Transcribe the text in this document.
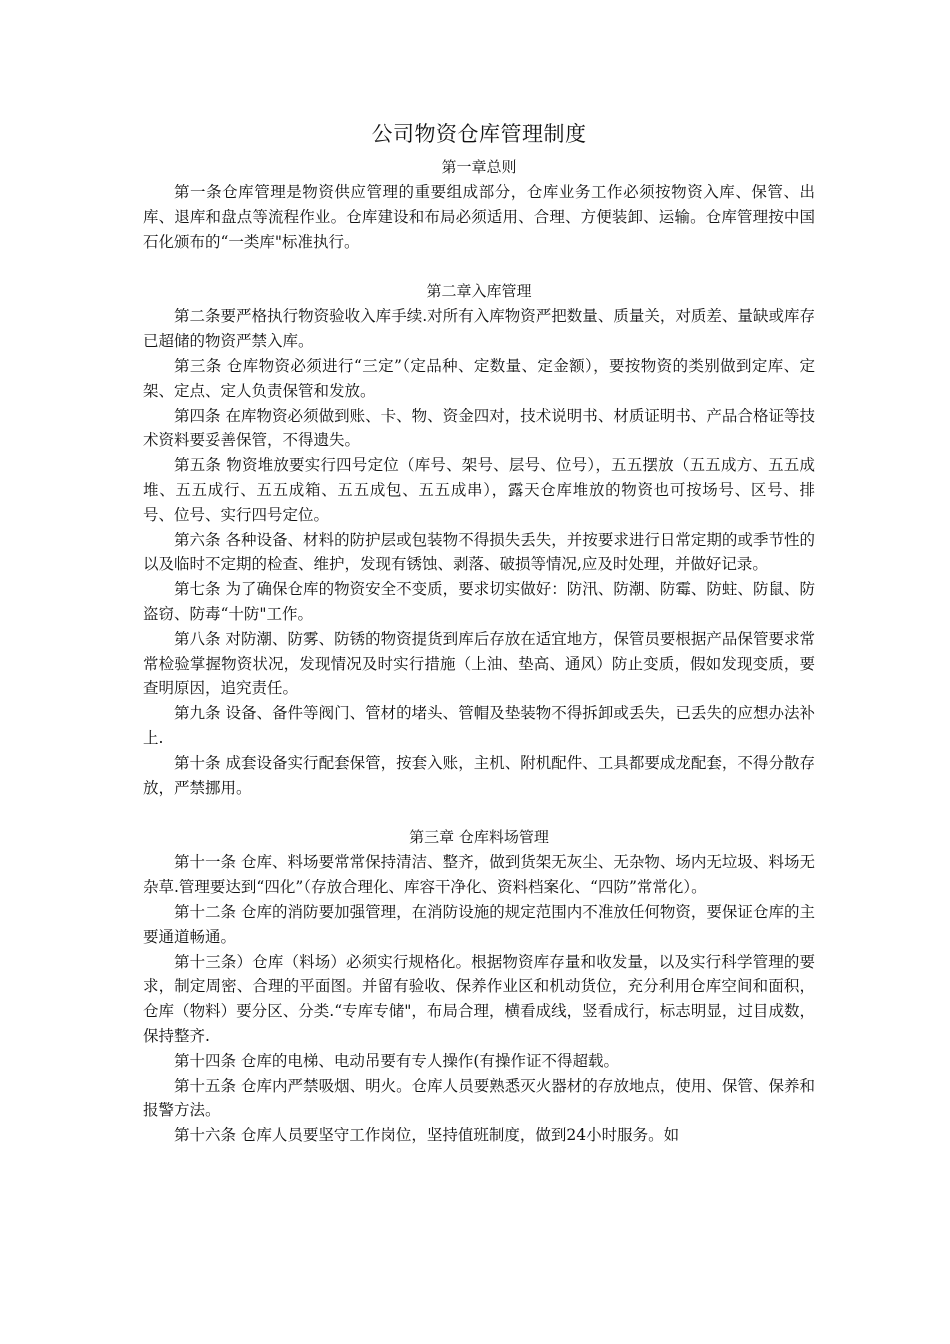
公司物资仓库管理制度
第一章总则

第一条仓库管理是物资供应管理的重要组成部分，仓库业务工作必须按物资入库、保管、出库、退库和盘点等流程作业。仓库建设和布局必须适用、合理、方便装卸、运输。仓库管理按中国石化颁布的“一类库"标准执行。

第二章入库管理

第二条要严格执行物资验收入库手续.对所有入库物资严把数量、质量关，对质差、量缺或库存已超储的物资严禁入库。

第三条 仓库物资必须进行“三定”（定品种、定数量、定金额），要按物资的类别做到定库、定架、定点、定人负责保管和发放。

第四条 在库物资必须做到账、卡、物、资金四对，技术说明书、材质证明书、产品合格证等技术资料要妥善保管，不得遗失。

第五条 物资堆放要实行四号定位（库号、架号、层号、位号），五五摆放（五五成方、五五成堆、五五成行、五五成箱、五五成包、五五成串），露天仓库堆放的物资也可按场号、区号、排号、位号、实行四号定位。

第六条 各种设备、材料的防护层或包装物不得损失丢失，并按要求进行日常定期的或季节性的以及临时不定期的检查、维护，发现有锈蚀、剥落、破损等情况,应及时处理，并做好记录。

第七条 为了确保仓库的物资安全不变质，要求切实做好：防汛、防潮、防霉、防蛀、防鼠、防盗窃、防毒“十防"工作。

第八条 对防潮、防雾、防锈的物资提货到库后存放在适宜地方，保管员要根据产品保管要求常常检验掌握物资状况，发现情况及时实行措施（上油、垫高、通风）防止变质，假如发现变质，要查明原因，追究责任。

第九条 设备、备件等阀门、管材的堵头、管帽及垫装物不得拆卸或丢失，已丢失的应想办法补上.

第十条 成套设备实行配套保管，按套入账，主机、附机配件、工具都要成龙配套，不得分散存放，严禁挪用。

第三章 仓库料场管理

第十一条 仓库、料场要常常保持清洁、整齐，做到货架无灰尘、无杂物、场内无垃圾、料场无杂草.管理要达到“四化”（存放合理化、库容干净化、资料档案化、“四防”常常化）。

第十二条 仓库的消防要加强管理，在消防设施的规定范围内不准放任何物资，要保证仓库的主要通道畅通。

第十三条）仓库（料场）必须实行规格化。根据物资库存量和收发量，以及实行科学管理的要求，制定周密、合理的平面图。并留有验收、保养作业区和机动货位，充分利用仓库空间和面积，仓库（物料）要分区、分类.“专库专储"，布局合理，横看成线，竖看成行，标志明显，过目成数，保持整齐.

第十四条 仓库的电梯、电动吊要有专人操作(有操作证不得超载。

第十五条 仓库内严禁吸烟、明火。仓库人员要熟悉灭火器材的存放地点，使用、保管、保养和报警方法。

第十六条 仓库人员要坚守工作岗位，坚持值班制度，做到24小时服务。如
